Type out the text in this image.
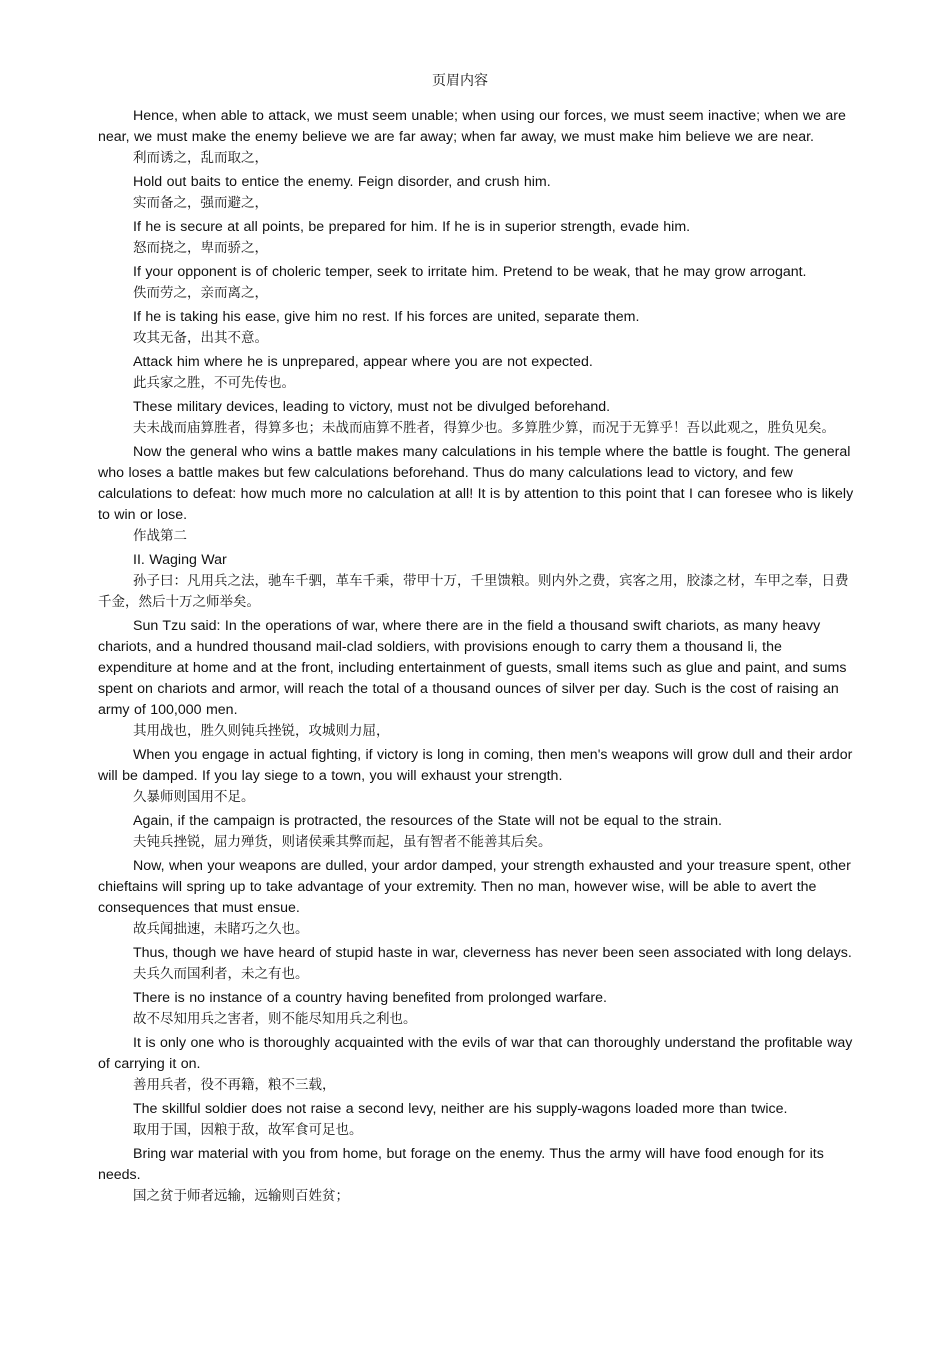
页眉内容

Hence, when able to attack, we must seem unable; when using our forces, we must seem inactive; when we are near, we must make the enemy believe we are far away; when far away, we must make him believe we are near.

利而诱之，乱而取之，

Hold out baits to entice the enemy. Feign disorder, and crush him.

实而备之，强而避之，

If he is secure at all points, be prepared for him. If he is in superior strength, evade him.

怒而挠之，卑而骄之，

If your opponent is of choleric temper, seek to irritate him. Pretend to be weak, that he may grow arrogant.

佚而劳之，亲而离之，

If he is taking his ease, give him no rest. If his forces are united, separate them.

攻其无备，出其不意。

Attack him where he is unprepared, appear where you are not expected.

此兵家之胜，不可先传也。

These military devices, leading to victory, must not be divulged beforehand.

夫未战而庙算胜者，得算多也；未战而庙算不胜者，得算少也。多算胜少算，而况于无算乎！吾以此观之，胜负见矣。

Now the general who wins a battle makes many calculations in his temple where the battle is fought. The general who loses a battle makes but few calculations beforehand. Thus do many calculations lead to victory, and few calculations to defeat: how much more no calculation at all! It is by attention to this point that I can foresee who is likely to win or lose.

作战第二

II. Waging War

孙子曰：凡用兵之法，驰车千驷，革车千乘，带甲十万，千里馈粮。则内外之费，宾客之用，胶漆之材，车甲之奉，日费千金，然后十万之师举矣。

Sun Tzu said: In the operations of war, where there are in the field a thousand swift chariots, as many heavy chariots, and a hundred thousand mail-clad soldiers, with provisions enough to carry them a thousand li, the expenditure at home and at the front, including entertainment of guests, small items such as glue and paint, and sums spent on chariots and armor, will reach the total of a thousand ounces of silver per day. Such is the cost of raising an army of 100,000 men.

其用战也，胜久则钝兵挫锐，攻城则力屈，

When you engage in actual fighting, if victory is long in coming, then men's weapons will grow dull and their ardor will be damped. If you lay siege to a town, you will exhaust your strength.

久暴师则国用不足。

Again, if the campaign is protracted, the resources of the State will not be equal to the strain.

夫钝兵挫锐，屈力殚货，则诸侯乘其弊而起，虽有智者不能善其后矣。

Now, when your weapons are dulled, your ardor damped, your strength exhausted and your treasure spent, other chieftains will spring up to take advantage of your extremity. Then no man, however wise, will be able to avert the consequences that must ensue.

故兵闻拙速，未睹巧之久也。

Thus, though we have heard of stupid haste in war, cleverness has never been seen associated with long delays.

夫兵久而国利者，未之有也。

There is no instance of a country having benefited from prolonged warfare.

故不尽知用兵之害者，则不能尽知用兵之利也。

It is only one who is thoroughly acquainted with the evils of war that can thoroughly understand the profitable way of carrying it on.

善用兵者，役不再籍，粮不三载，

The skillful soldier does not raise a second levy, neither are his supply-wagons loaded more than twice.

取用于国，因粮于敌，故军食可足也。

Bring war material with you from home, but forage on the enemy. Thus the army will have food enough for its needs.

国之贫于师者远输，远输则百姓贫；
